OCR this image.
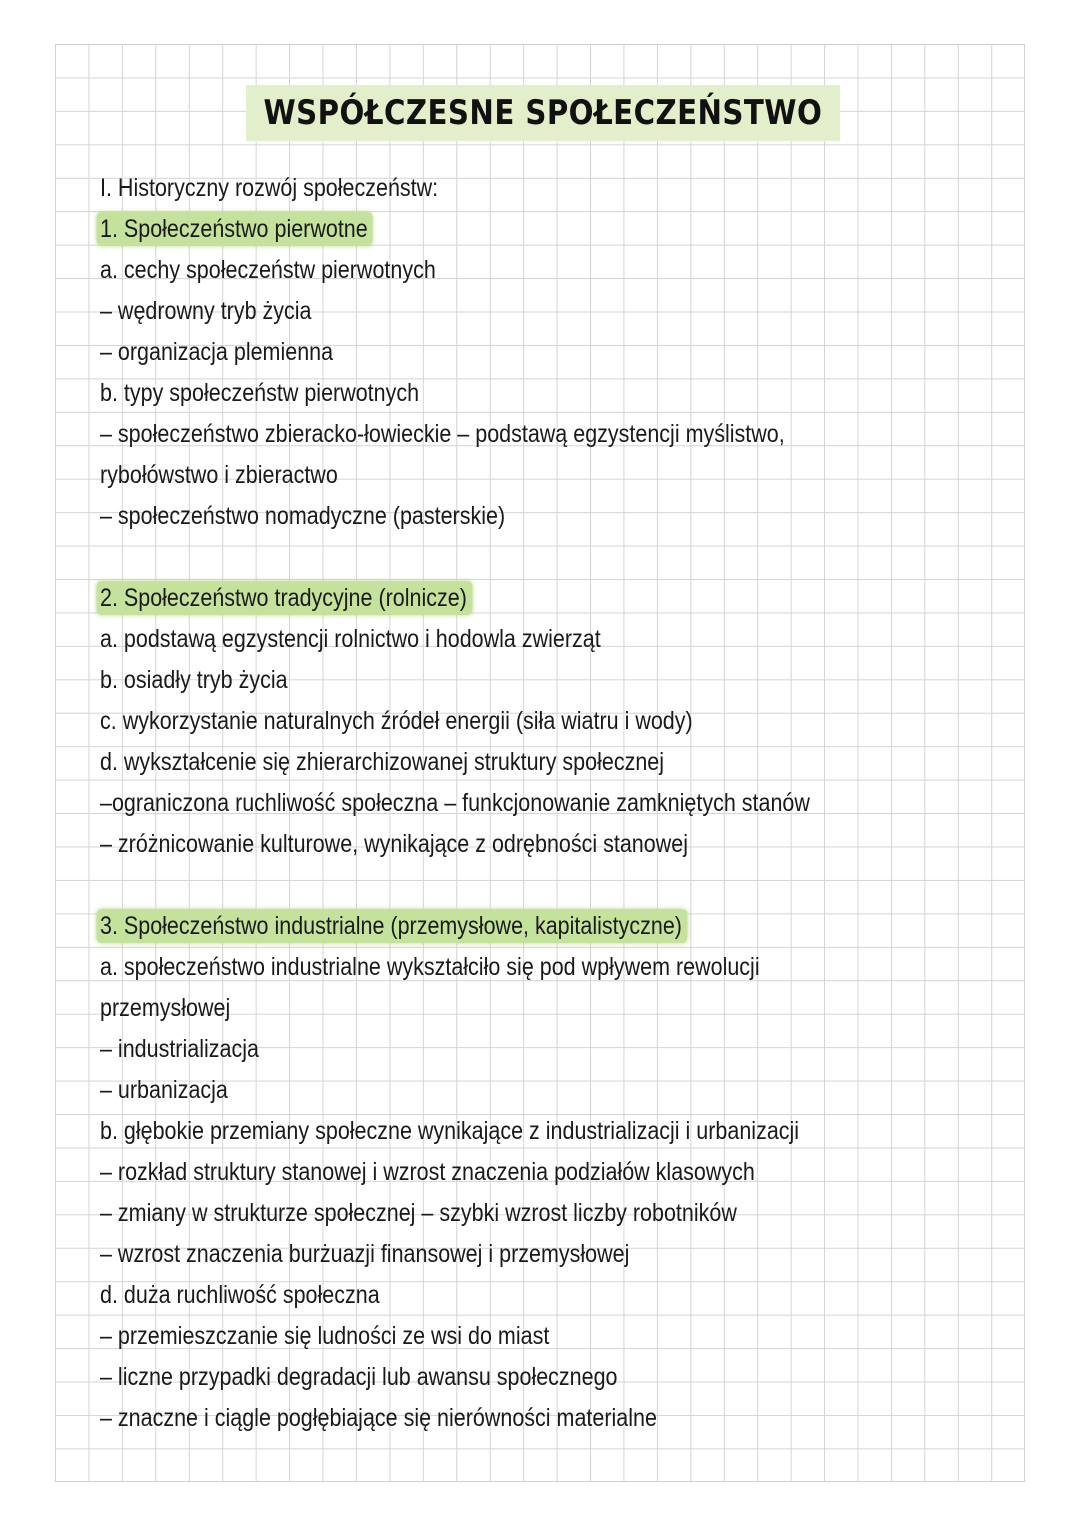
WSPÓŁCZESNE SPOŁECZEŃSTWO
I. Historyczny rozwój społeczeństw:
1. Społeczeństwo pierwotne
a. cechy społeczeństw pierwotnych
– wędrowny tryb życia
– organizacja plemienna
b. typy społeczeństw pierwotnych
– społeczeństwo zbieracko-łowieckie – podstawą egzystencji myślistwo,
rybołówstwo i zbieractwo
– społeczeństwo nomadyczne (pasterskie)
2. Społeczeństwo tradycyjne (rolnicze)
a. podstawą egzystencji rolnictwo i hodowla zwierząt
b. osiadły tryb życia
c. wykorzystanie naturalnych źródeł energii (siła wiatru i wody)
d. wykształcenie się zhierarchizowanej struktury społecznej
–ograniczona ruchliwość społeczna – funkcjonowanie zamkniętych stanów
– zróżnicowanie kulturowe, wynikające z odrębności stanowej
3. Społeczeństwo industrialne (przemysłowe, kapitalistyczne)
a. społeczeństwo industrialne wykształciło się pod wpływem rewolucji
przemysłowej
– industrializacja
– urbanizacja
b. głębokie przemiany społeczne wynikające z industrializacji i urbanizacji
– rozkład struktury stanowej i wzrost znaczenia podziałów klasowych
– zmiany w strukturze społecznej – szybki wzrost liczby robotników
– wzrost znaczenia burżuazji finansowej i przemysłowej
d. duża ruchliwość społeczna
– przemieszczanie się ludności ze wsi do miast
– liczne przypadki degradacji lub awansu społecznego
– znaczne i ciągle pogłębiające się nierówności materialne
